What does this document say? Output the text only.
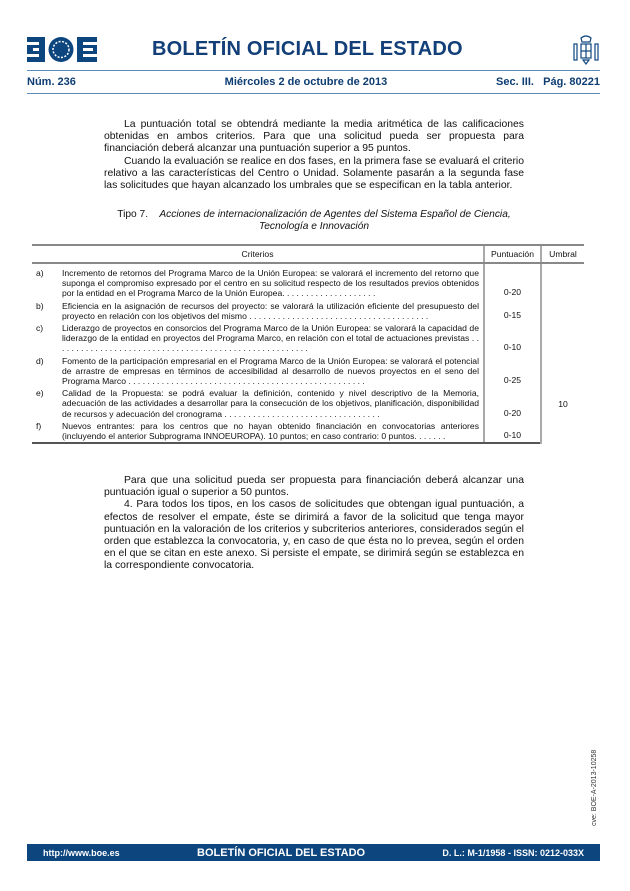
BOLETÍN OFICIAL DEL ESTADO
Núm. 236	Miércoles 2 de octubre de 2013	Sec. III.   Pág. 80221

La puntuación total se obtendrá mediante la media aritmética de las calificaciones obtenidas en ambos criterios. Para que una solicitud pueda ser propuesta para financiación deberá alcanzar una puntuación superior a 95 puntos.

Cuando la evaluación se realice en dos fases, en la primera fase se evaluará el criterio relativo a las características del Centro o Unidad. Solamente pasarán a la segunda fase las solicitudes que hayan alcanzado los umbrales que se especifican en la tabla anterior.

Tipo 7. Acciones de internacionalización de Agentes del Sistema Español de Ciencia, Tecnología e Innovación
Criterios	Puntuación	Umbral

a) Incremento de retornos del Programa Marco de la Unión Europea: se valorará el incremento del retorno que suponga el compromiso expresado por el centro en su solicitud respecto de los resultados previos obtenidos por la entidad en el Programa Marco de la Unión Europea. . . . . . . . . . . . . . . . . . . .	0-20	10

b) Eficiencia en la asignación de recursos del proyecto: se valorará la utilización eficiente del presupuesto del proyecto en relación con los objetivos del mismo . . . . . . . . . . . . . . . . . . . . . . . . . . . . . . . . . . . . . .	0-15	

c) Liderazgo de proyectos en consorcios del Programa Marco de la Unión Europea: se valorará la capacidad de liderazgo de la entidad en proyectos del Programa Marco, en relación con el total de actuaciones previstas . . . . . . . . . . . . . . . . . . . . . . . . . . . . . . . . . . . . . . . . . . . . . . . . . . . . . .	0-10	

d) Fomento de la participación empresarial en el Programa Marco de la Unión Europea: se valorará el potencial de arrastre de empresas en términos de accesibilidad al desarrollo de nuevos proyectos en el seno del Programa Marco . . . . . . . . . . . . . . . . . . . . . . . . . . . . . . . . . . . . . . . . . . . . . . . . . .	0-25	

e) Calidad de la Propuesta: se podrá evaluar la definición, contenido y nivel descriptivo de la Memoria, adecuación de las actividades a desarrollar para la consecución de los objetivos, planificación, disponibilidad de recursos y adecuación del cronograma . . . . . . . . . . . . . . . . . . . . . . . . . . . . . . . . .	0-20	

f) Nuevos entrantes: para los centros que no hayan obtenido financiación en convocatorias anteriores (incluyendo el anterior Subprograma INNOEUROPA). 10 puntos; en caso contrario: 0 puntos. . . . . . .	0-10	

Para que una solicitud pueda ser propuesta para financiación deberá alcanzar una puntuación igual o superior a 50 puntos.

4. Para todos los tipos, en los casos de solicitudes que obtengan igual puntuación, a efectos de resolver el empate, éste se dirimirá a favor de la solicitud que tenga mayor puntuación en la valoración de los criterios y subcriterios anteriores, considerados según el orden que establezca la convocatoria, y, en caso de que ésta no lo prevea, según el orden en el que se citan en este anexo. Si persiste el empate, se dirimirá según se establezca en la correspondiente convocatoria.

cve: BOE-A-2013-10258
http://www.boe.es	BOLETÍN OFICIAL DEL ESTADO	D. L.: M-1/1958 - ISSN: 0212-033X
